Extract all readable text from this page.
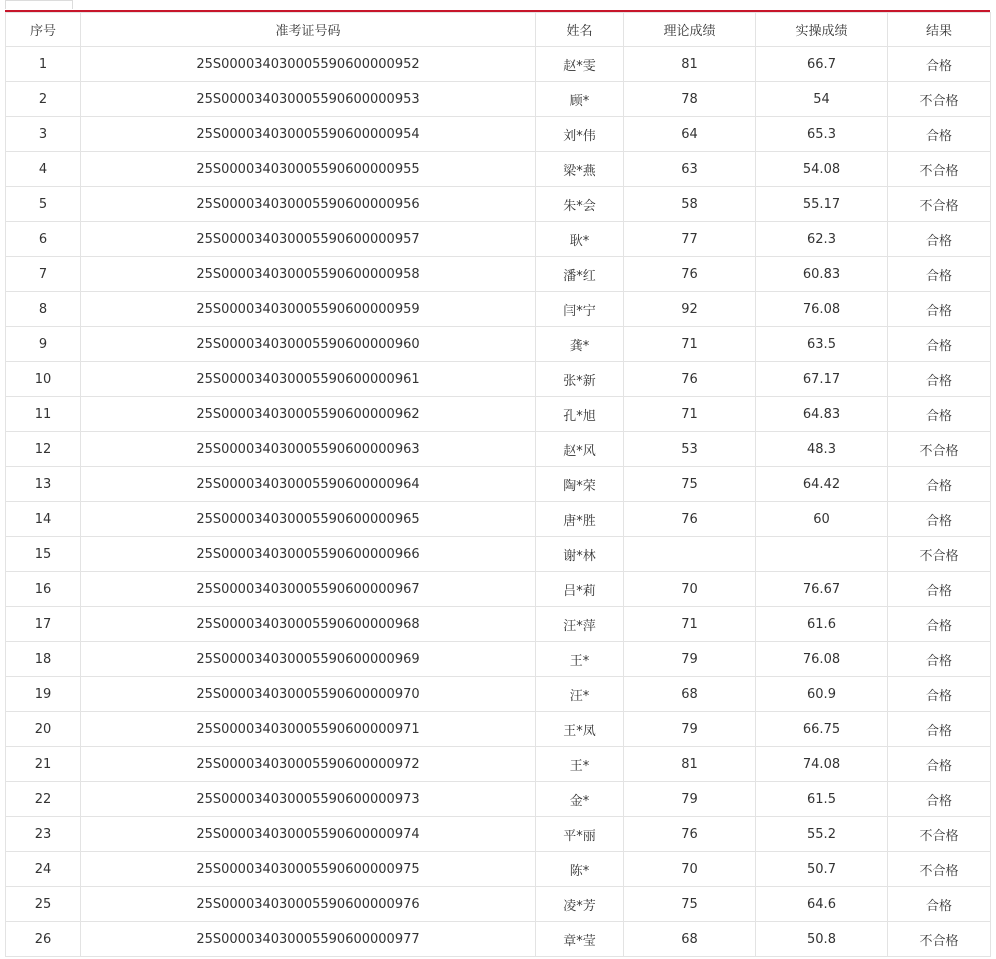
序号	准考证号码	姓名	理论成绩	实操成绩	结果
1	25S000034030005590600000952	赵*雯	81	66.7	合格
2	25S000034030005590600000953	顾*	78	54	不合格
3	25S000034030005590600000954	刘*伟	64	65.3	合格
4	25S000034030005590600000955	梁*燕	63	54.08	不合格
5	25S000034030005590600000956	朱*会	58	55.17	不合格
6	25S000034030005590600000957	耿*	77	62.3	合格
7	25S000034030005590600000958	潘*红	76	60.83	合格
8	25S000034030005590600000959	闫*宁	92	76.08	合格
9	25S000034030005590600000960	龚*	71	63.5	合格
10	25S000034030005590600000961	张*新	76	67.17	合格
11	25S000034030005590600000962	孔*旭	71	64.83	合格
12	25S000034030005590600000963	赵*风	53	48.3	不合格
13	25S000034030005590600000964	陶*荣	75	64.42	合格
14	25S000034030005590600000965	唐*胜	76	60	合格
15	25S000034030005590600000966	谢*林			不合格
16	25S000034030005590600000967	吕*莉	70	76.67	合格
17	25S000034030005590600000968	汪*萍	71	61.6	合格
18	25S000034030005590600000969	王*	79	76.08	合格
19	25S000034030005590600000970	汪*	68	60.9	合格
20	25S000034030005590600000971	王*凤	79	66.75	合格
21	25S000034030005590600000972	王*	81	74.08	合格
22	25S000034030005590600000973	金*	79	61.5	合格
23	25S000034030005590600000974	平*丽	76	55.2	不合格
24	25S000034030005590600000975	陈*	70	50.7	不合格
25	25S000034030005590600000976	凌*芳	75	64.6	合格
26	25S000034030005590600000977	章*莹	68	50.8	不合格
